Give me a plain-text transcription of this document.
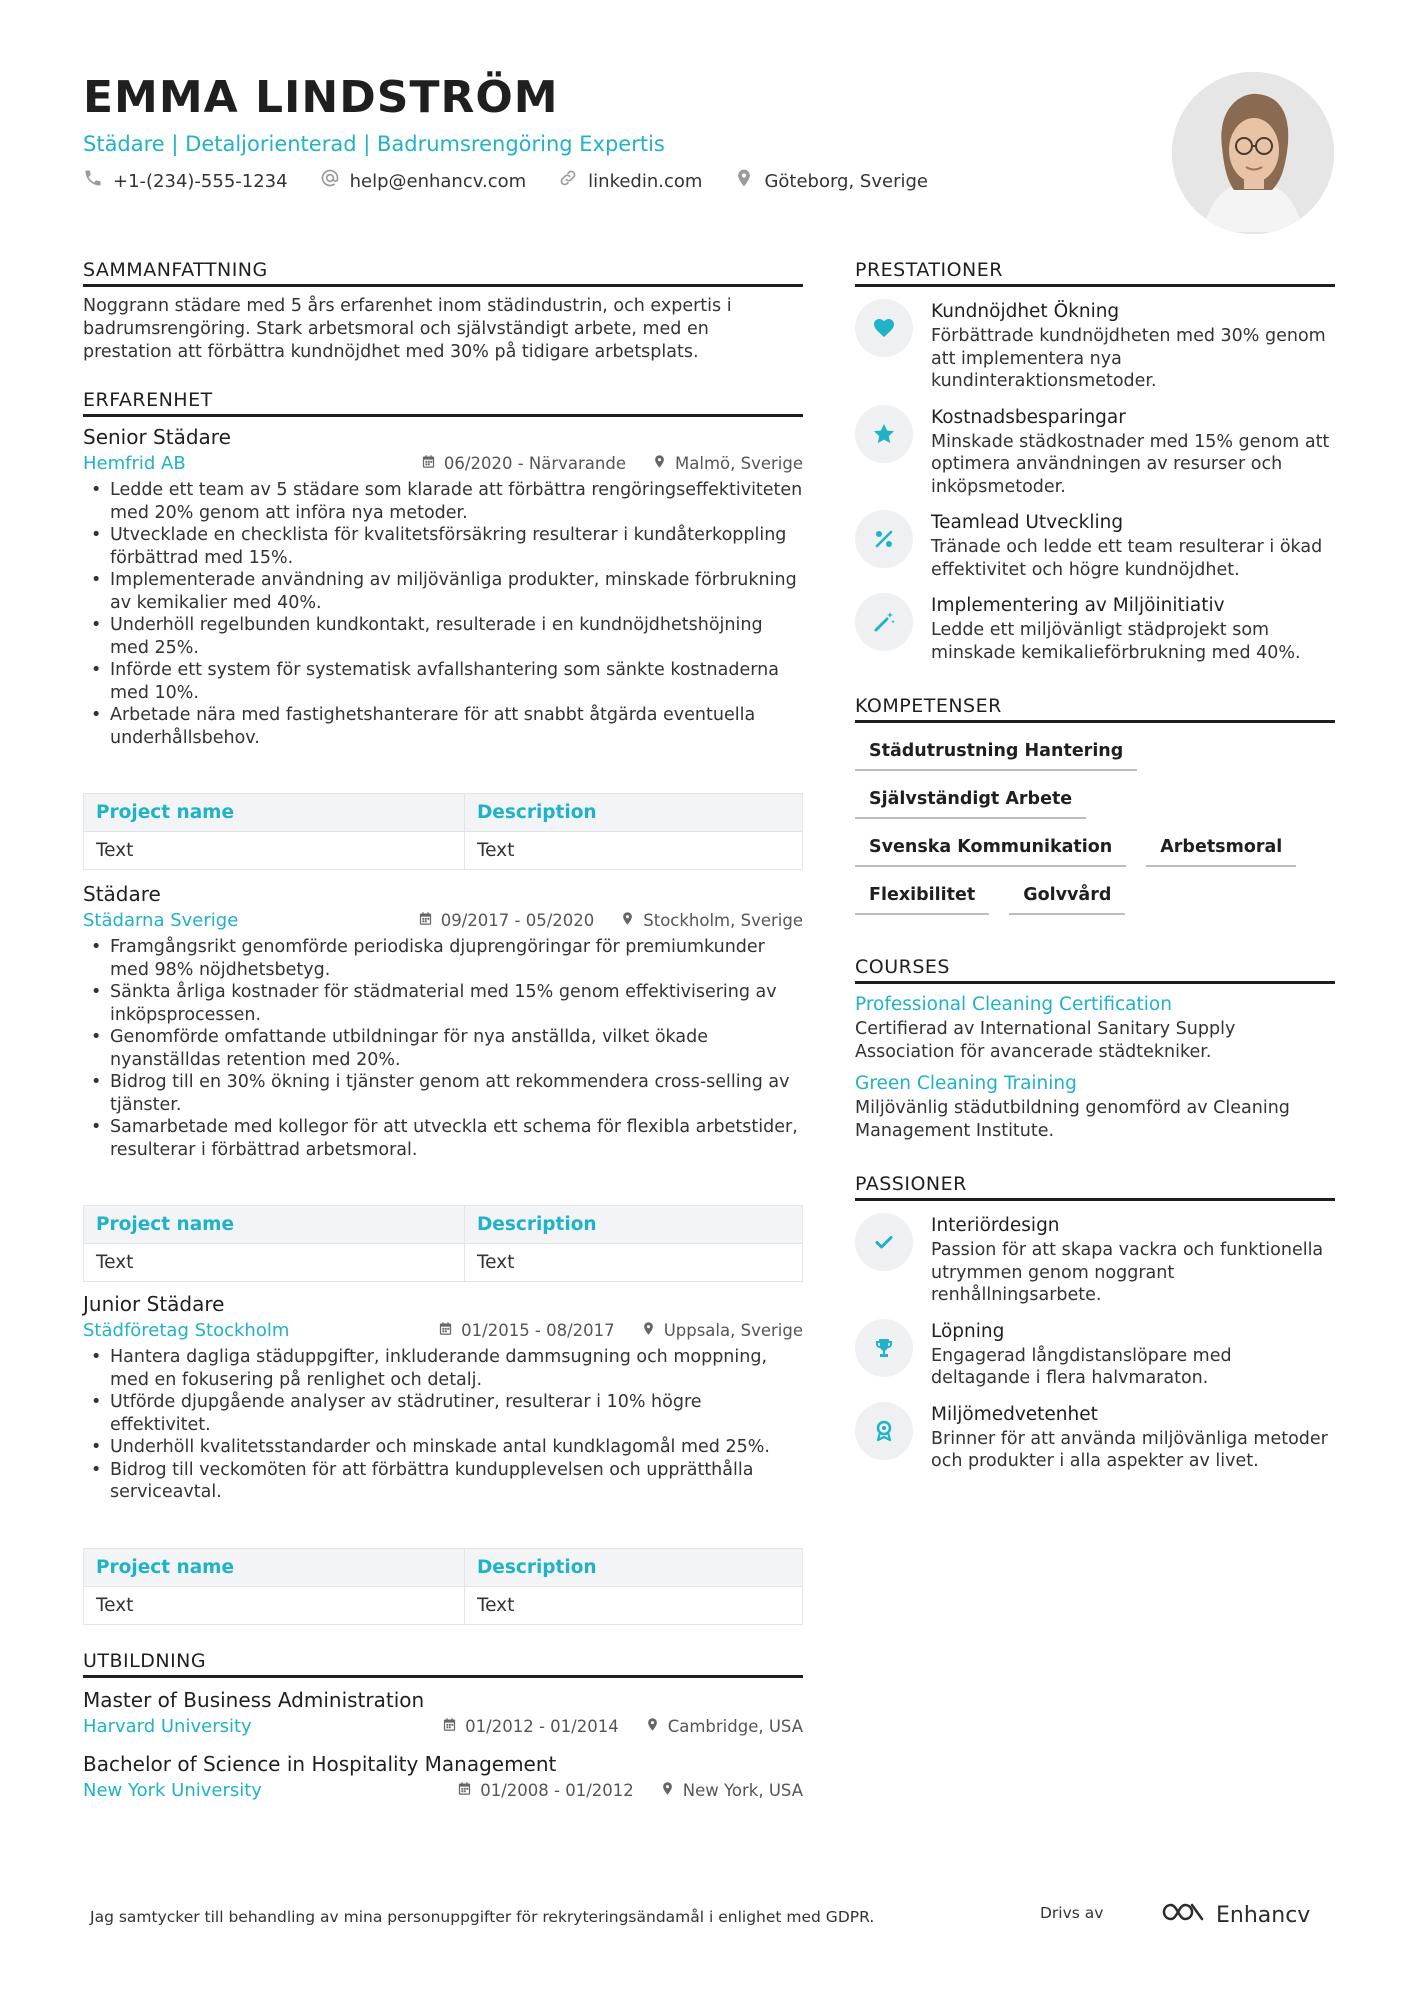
EMMA LINDSTRÖM
Städare | Detaljorienterad | Badrumsrengöring Expertis
+1-(234)-555-1234	help@enhancv.com	linkedin.com	Göteborg, Sverige
SAMMANFATTNING
Noggrann städare med 5 års erfarenhet inom städindustrin, och expertis i badrumsrengöring. Stark arbetsmoral och självständigt arbete, med en prestation att förbättra kundnöjdhet med 30% på tidigare arbetsplats.
ERFARENHET
Senior Städare
Hemfrid AB	06/2020 - Närvarande	Malmö, Sverige
• Ledde ett team av 5 städare som klarade att förbättra rengöringseffektiviteten med 20% genom att införa nya metoder.
• Utvecklade en checklista för kvalitetsförsäkring resulterar i kundåterkoppling förbättrad med 15%.
• Implementerade användning av miljövänliga produkter, minskade förbrukning av kemikalier med 40%.
• Underhöll regelbunden kundkontakt, resulterade i en kundnöjdhetshöjning med 25%.
• Införde ett system för systematisk avfallshantering som sänkte kostnaderna med 10%.
• Arbetade nära med fastighetshanterare för att snabbt åtgärda eventuella underhållsbehov.
Project name	Description
Text	Text
Städare
Städarna Sverige	09/2017 - 05/2020	Stockholm, Sverige
• Framgångsrikt genomförde periodiska djuprengöringar för premiumkunder med 98% nöjdhetsbetyg.
• Sänkta årliga kostnader för städmaterial med 15% genom effektivisering av inköpsprocessen.
• Genomförde omfattande utbildningar för nya anställda, vilket ökade nyanställdas retention med 20%.
• Bidrog till en 30% ökning i tjänster genom att rekommendera cross-selling av tjänster.
• Samarbetade med kollegor för att utveckla ett schema för flexibla arbetstider, resulterar i förbättrad arbetsmoral.
Project name	Description
Text	Text
Junior Städare
Städföretag Stockholm	01/2015 - 08/2017	Uppsala, Sverige
• Hantera dagliga städuppgifter, inkluderande dammsugning och moppning, med en fokusering på renlighet och detalj.
• Utförde djupgående analyser av städrutiner, resulterar i 10% högre effektivitet.
• Underhöll kvalitetsstandarder och minskade antal kundklagomål med 25%.
• Bidrog till veckomöten för att förbättra kundupplevelsen och upprätthålla serviceavtal.
Project name	Description
Text	Text
UTBILDNING
Master of Business Administration
Harvard University	01/2012 - 01/2014	Cambridge, USA
Bachelor of Science in Hospitality Management
New York University	01/2008 - 01/2012	New York, USA
PRESTATIONER
Kundnöjdhet Ökning
Förbättrade kundnöjdheten med 30% genom att implementera nya kundinteraktionsmetoder.
Kostnadsbesparingar
Minskade städkostnader med 15% genom att optimera användningen av resurser och inköpsmetoder.
Teamlead Utveckling
Tränade och ledde ett team resulterar i ökad effektivitet och högre kundnöjdhet.
Implementering av Miljöinitiativ
Ledde ett miljövänligt städprojekt som minskade kemikalieförbrukning med 40%.
KOMPETENSER
Städutrustning Hantering
Självständigt Arbete
Svenska Kommunikation	Arbetsmoral
Flexibilitet	Golvvård
COURSES
Professional Cleaning Certification
Certifierad av International Sanitary Supply Association för avancerade städtekniker.
Green Cleaning Training
Miljövänlig städutbildning genomförd av Cleaning Management Institute.
PASSIONER
Interiördesign
Passion för att skapa vackra och funktionella utrymmen genom noggrant renhållningsarbete.
Löpning
Engagerad långdistanslöpare med deltagande i flera halvmaraton.
Miljömedvetenhet
Brinner för att använda miljövänliga metoder och produkter i alla aspekter av livet.
Jag samtycker till behandling av mina personuppgifter för rekryteringsändamål i enlighet med GDPR.	Drivs av	Enhancv
